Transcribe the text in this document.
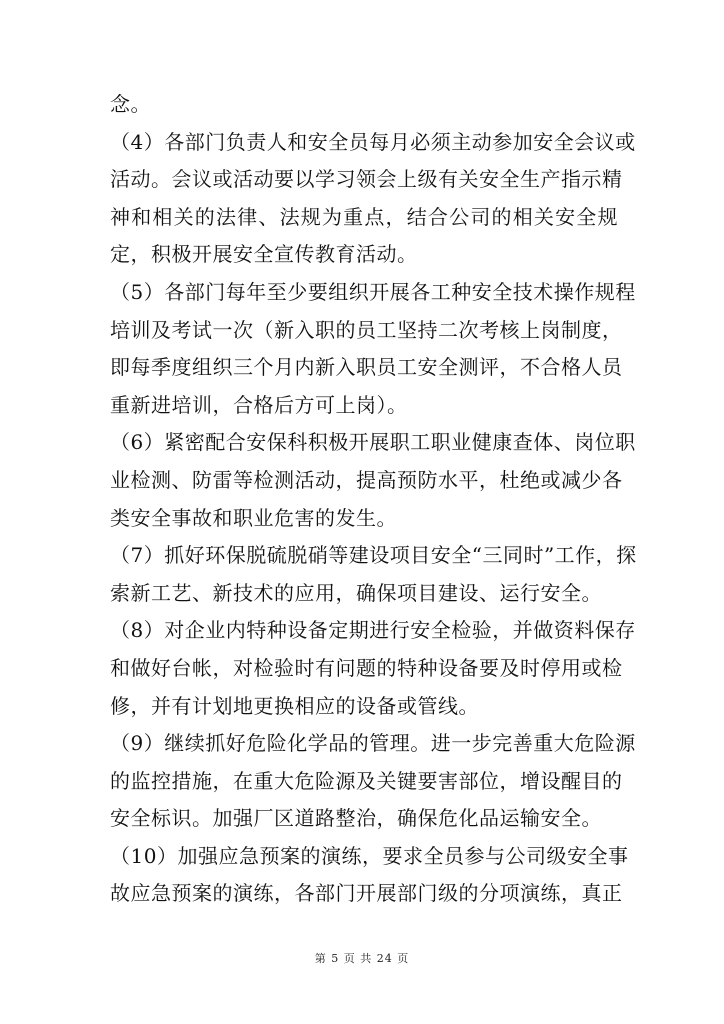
念。
（4）各部门负责人和安全员每月必须主动参加安全会议或
活动。会议或活动要以学习领会上级有关安全生产指示精
神和相关的法律、法规为重点，结合公司的相关安全规
定，积极开展安全宣传教育活动。
（5）各部门每年至少要组织开展各工种安全技术操作规程
培训及考试一次（新入职的员工坚持二次考核上岗制度，
即每季度组织三个月内新入职员工安全测评，不合格人员
重新进培训，合格后方可上岗）。
（6）紧密配合安保科积极开展职工职业健康查体、岗位职
业检测、防雷等检测活动，提高预防水平，杜绝或减少各
类安全事故和职业危害的发生。
（7）抓好环保脱硫脱硝等建设项目安全“三同时”工作，探
索新工艺、新技术的应用，确保项目建设、运行安全。
（8）对企业内特种设备定期进行安全检验，并做资料保存
和做好台帐，对检验时有问题的特种设备要及时停用或检
修，并有计划地更换相应的设备或管线。
（9）继续抓好危险化学品的管理。进一步完善重大危险源
的监控措施，在重大危险源及关键要害部位，增设醒目的
安全标识。加强厂区道路整治，确保危化品运输安全。
（10）加强应急预案的演练，要求全员参与公司级安全事
故应急预案的演练，各部门开展部门级的分项演练，真正
第 5 页 共 24 页
